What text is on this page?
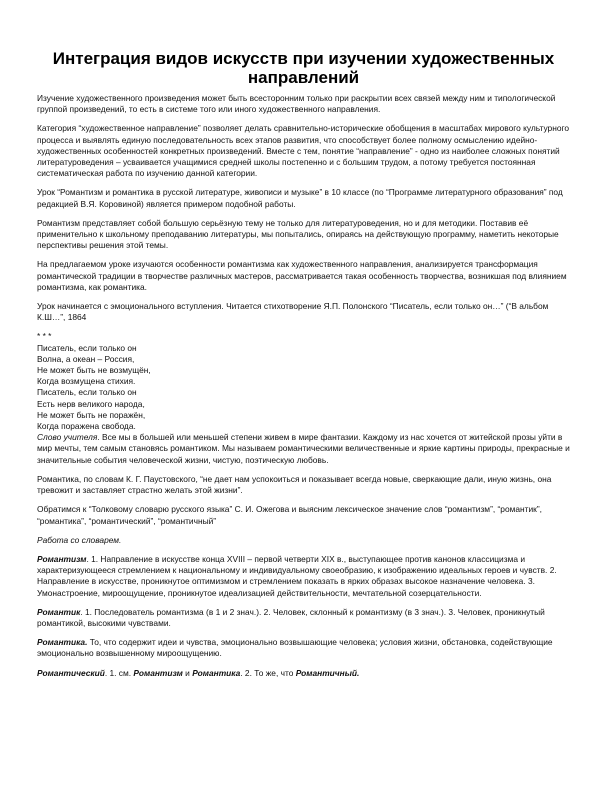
Интеграция видов искусств при изучении художественных направлений

Изучение художественного произведения может быть всесторонним только при раскрытии всех связей между ним и типологической группой произведений, то есть в системе того или иного художественного направления.

Категория “художественное направление” позволяет делать сравнительно-исторические обобщения в масштабах мирового культурного процесса и выявлять единую последовательность всех этапов развития, что способствует более полному осмыслению идейно-художественных особенностей конкретных произведений. Вместе с тем, понятие “направление” - одно из наиболее сложных понятий литературоведения – усваивается учащимися средней школы постепенно и с большим трудом, а потому требуется постоянная систематическая работа по изучению данной категории.

Урок “Романтизм и романтика в русской литературе, живописи и музыке” в 10 классе (по “Программе литературного образования” под редакцией В.Я. Коровиной) является примером подобной работы.

Романтизм представляет собой большую серьёзную тему не только для литературоведения, но и для методики. Поставив её применительно к школьному преподаванию литературы, мы попытались, опираясь на действующую программу, наметить некоторые перспективы решения этой темы.

На предлагаемом уроке изучаются особенности романтизма как художественного направления, анализируется трансформация романтической традиции в творчестве различных мастеров, рассматривается такая особенность творчества, возникшая под влиянием романтизма, как романтика.

Урок начинается с эмоционального вступления. Читается стихотворение Я.П. Полонского “Писатель, если только он…” (“В альбом К.Ш…”, 1864

* * *

Писатель, если только он

Волна, а океан – Россия,

Не может быть не возмущён,

Когда возмущена стихия.

Писатель, если только он

Есть нерв великого народа,

Не может быть не поражён,

Когда поражена свобода.

Слово учителя. Все мы в большей или меньшей степени живем в мире фантазии. Каждому из нас хочется от житейской прозы уйти в мир мечты, тем самым становясь романтиком. Мы называем романтическими величественные и яркие картины природы, прекрасные и значительные события человеческой жизни, чистую, поэтическую любовь.

Романтика, по словам К. Г. Паустовского, “не дает нам успокоиться и показывает всегда новые, сверкающие дали, иную жизнь, она тревожит и заставляет страстно желать этой жизни”.

Обратимся к “Толковому словарю русского языка” С. И. Ожегова и выясним лексическое значение слов “романтизм”, “романтик”, “романтика”, “романтический”, “романтичный”

Работа со словарем.

Романтизм. 1. Направление в искусстве конца XVIII – первой четверти XIX в., выступающее против канонов классицизма и характеризующееся стремлением к национальному и индивидуальному своеобразию, к изображению идеальных героев и чувств. 2. Направление в искусстве, проникнутое оптимизмом и стремлением показать в ярких образах высокое назначение человека. 3. Умонастроение, мироощущение, проникнутое идеализацией действительности, мечтательной созерцательности.

Романтик. 1. Последователь романтизма (в 1 и 2 знач.). 2. Человек, склонный к романтизму (в 3 знач.). 3. Человек, проникнутый романтикой, высокими чувствами.

Романтика. То, что содержит идеи и чувства, эмоционально возвышающие человека; условия жизни, обстановка, содействующие эмоционально возвышенному мироощущению.

Романтический. 1. см. Романтизм и Романтика. 2. То же, что Романтичный.
